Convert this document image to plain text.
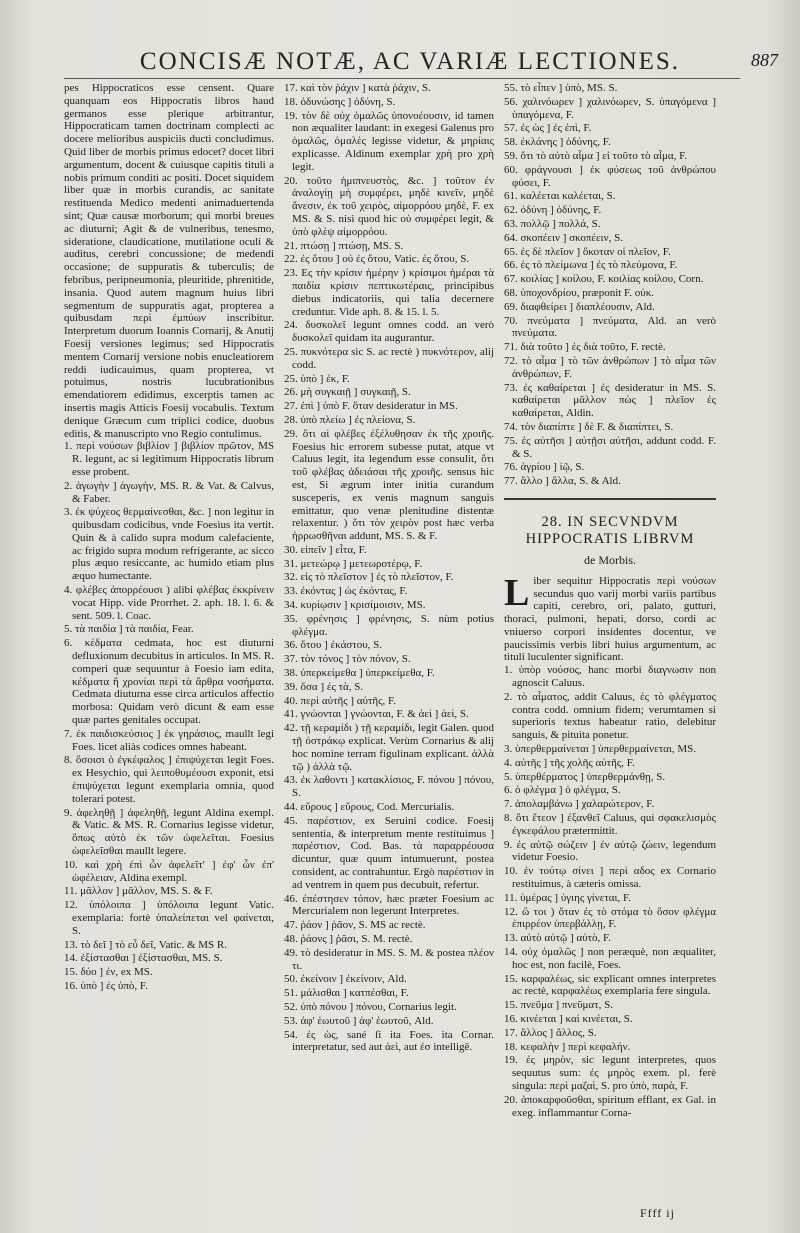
CONCISÆ NOTÆ, AC VARIÆ LECTIONES.	887

pes Hippocraticos esse censent. Quare quanquam eos Hippocratis libros haud germanos esse plerique arbitrantur, Hippocraticam tamen doctrinam complecti ac docere melioribus auspiciis ducti concludimus. Quid liber de morbis primus edocet? docet libri argumentum, docent & cuiusque capitis tituli a nobis primum conditi ac positi. Docet siquidem liber quæ in morbis curandis, ac sanitate restituenda Medico medenti animaduertenda sint; Quæ causæ morborum; qui morbi breues ac diuturni; Agit & de vulneribus, tenesmo, sideratione, claudicatione, mutilatione oculi & auditus, cerebri concussione; de medendi occasione; de suppuratis & tuberculis; de febribus, peripneumonia, pleuritide, phrenitide, insania. Quod autem magnum huius libri segmentum de suppuratis agat, propterea a quibusdam περὶ ἐμπύων inscribitur. Interpretum duorum Ioannis Cornarij, & Anutij Foesij versiones legimus; sed Hippocratis mentem Cornarij versione nobis enucleatiorem reddi iudicauimus, quam propterea, vt potuimus, nostris lucubrationibus emendatiorem edidimus, excerptis tamen ac insertis magis Atticis Foesij vocabulis. Textum denique Græcum cum triplici codice, duobus editis, & manuscripto vno Regio contulimus.

1. περὶ νούσων βιβλίον ] βιβλίον πρῶτον, MS R. legunt, ac si legitimum Hippocratis librum esse probent.

2. ἀγωγὴν ] ἀγωγὴν, MS. R. & Vat. & Calvus, & Faber.

3. ἐκ ψύχεος θερμαίνεσθαι, &c. ] non legitur in quibusdam codicibus, vnde Foesius ita vertit. Quin & à calido supra modum calefaciente, ac frigido supra modum refrigerante, ac sicco plus æquo resiccante, ac humido etiam plus æquo humectante.

4. φλέβες ἀπορρέουσι ) alibi φλέβας ἐκκρίνειν vocat Hipp. vide Prorrhet. 2. aph. 18. l. 6. & sent. 509. l. Coac.

5. τὰ παιδία ] τὰ παιδία, Fear.

6. κέδματα cedmata, hoc est diuturni defluxionum decubitus in articulos. In MS. R. comperi quæ sequuntur à Foesio iam edita, κέδματα ἢ χρονίαι περὶ τὰ ἄρθρα νοσήματα. Cedmata diuturna esse circa articulos affectio morbosa: Quidam verò dicunt & eam esse quæ partes genitales occupat.

7. ἐκ παιδισκεύσιος ] ἐκ γηράσιος, maullt legi Foes. licet aliàs codices omnes habeant.

8. ὅσοισι ὁ ἐγκέφαλος ] ἐπιψύχεται legit Foes. ex Hesychio, qui λειποθυμέουσι exponit, etsi ἐπιψύχεται legunt exemplaria omnia, quod tolerari potest.

9. ἀφεληθῇ ] ἀφεληθῇ, legunt Aldina exempl. & Vatic. & MS. R. Cornarius legisse videtur, ὅπως αὐτὸ ἐκ τῶν ὠφελεῖται. Foesius ὠφελεῖσθαι maullt legere.

10. καὶ χρὴ ἐπὶ ὧν ἀφελεῖτ' ] ἐφ' ὧν ἐπ' ὠφέλειαν, Aldina exempl.

11. μᾶλλον ] μᾶλλον, MS. S. & F.

12. ὑπόλοιπα ] ὑπόλοιπα legunt Vatic. exemplaria: fortè ὑπαλείπεται vel φαίνεται, S.

13. τὸ δεῖ ] τὸ εὖ δεῖ, Vatic. & MS R.

14. ἐξίστασθαι ] ἐξίστασθαι, MS. S.

15. δύο ] ἐν, ex MS.

16. ὑπὸ ] ἐς ὑπὸ, F.

17. καὶ τὸν ῥάχιν ] κατὰ ῥάχιν, S.

18. ὀδυνώσης ] ὀδύνη, S.

19. τὸν δὲ οὐχ ὁμαλῶς ὑπονοέουσιν, id tamen non æqualiter laudant: in exegesi Galenus pro ὁμαλῶς, ὁμαλὲς legisse videtur, & μηρίαις explicasse. Aldinum exemplar χρὴ pro χρὴ legit.

20. τοῦτο ἡμιπνευστὸς, &c. ] τοῦτον ἐν ἀναλογίῃ μὴ συμφέρει, μηδὲ κινεῖν, μηδὲ ἄνεσιν, ἐκ τοῦ χειρὸς, αἱμορρόου μηδὲ, F. ex MS. & S. nisi quod hic οὐ συμφέρει legit, & ὑπὸ φλὲψ αἱμορρόου.

21. πτώσῃ ] πτώσῃ, MS. S.

22. ἐς ὅτου ] οὐ ἐς ὅτου, Vatic. ἐς ὅτου, S.

23. Ες τὴν κρίσιν ἡμέρην ) κρίσιμοι ἡμέραι τὰ παιδία κρίσιν πεπτικωτέραις, principibus diebus indicatoriis, qui talia decernere creduntur. Vide aph. 8. & 15. l. 5.

24. δυσκολεῖ legunt omnes codd. an verò δυσκολεῖ quidam ita augurantur.

25. πυκνότερα sic S. ac rectè ) πυκνότερον, alij codd.

25. ὑπὸ ] ἐκ, F.

26. μὴ συγκαιῇ ] συγκαιῇ, S.

27. ἐπὶ ] ὑπὸ F. ὅταν desideratur in MS.

28. ὑπὸ πλείω ] ἐς πλείονα, S.

29. ὅτι αἱ φλέβες ἐξέλυθησαν ἐκ τῆς χροιῆς. Foesius hic errorem subesse putat, atque vt Caluus legit, ita legendum esse consulit, ὅτι τοῦ φλέβας ἀδειάσαι τῆς χροιῆς. sensus hic est, Si ægrum inter initia curandum susceperis, ex venis magnum sanguis emittatur, quo venæ plenitudine distentæ relaxentur. ) ὅτι τὸν χειρὸν post hæc verba ἠρρωσθῆναι addunt, MS. S. & F.

30. εἰπεῖν ] εἶτα, F.

31. μετεώρῳ ] μετεωροτέρῳ, F.

32. εἰς τὸ πλεῖστον ] ἐς τὸ πλεῖστον, F.

33. ἐκόντας ] ὡς ἐκόντας, F.

34. κυρίῳσιν ] κρισίμοισιν, MS.

35. φρένησις ] φρένησις, S. nùm potius φλέγμα.

36. ὅτου ] ἐκάστου, S.

37. τὸν τόνος ] τὸν πόνον, S.

38. ὑπερκείμεθα ] ὑπερκείμεθα, F.

39. ὅσα ] ἐς τὰ, S.

40. περὶ αὐτῆς ] αὐτῆς, F.

41. γνώονται ] γνώονται, F. & ἀεὶ ] ἀεὶ, S.

42. τῇ κεραμίδι ) τῇ κεραμίδι, legit Galen. quod τῇ ὀστράκῳ explicat. Verùm Cornarius & alij hoc nomine terram figulinam explicant. ἀλλὰ τῷ ) ἀλλὰ τῷ.

43. ἐκ λαθοντι ] κατακλίσιος, F. πόνου ] πόνου, S.

44. εὔρους ] εὔρους, Cod. Mercurialis.

45. παρέστιον, ex Seruini codice. Foesij sententia, & interpretum mente restituimus ] παρέστιον, Cod. Bas. τὰ παραρρέουσα dicuntur, quæ quum intumuerunt, postea consident, ac contrahuntur. Ergò παρέστιον in ad ventrem in quem pus decubuit, refertur.

46. ἐπέστησεν τόπον, hæc præter Foesium ac Mercurialem non legerunt Interpretes.

47. ῥάον ] ῥᾶον, S. MS ac rectè.

48. ῥάονς ] ῥᾶσι, S. M. rectè.

49. τὸ desideratur in MS. S. M. & postea πλέον τι.

50. ἐκείνοιν ] ἐκείνοιν, Ald.

51. μάλισθαι ] κατπέσθαι, F.

52. ὑπὸ πόνου ] πόνου, Cornarius legit.

53. ἀφ' ἑωυτοῦ ] ἀφ' ἑωυτοῦ, Ald.

54. ἐς ὡς, sané ſi ita Foes. ita Cornar. interpretatur, sed aut ἀεὶ, aut ἐσ intelligē.

55. τὸ εἶπεν ] ὑπὸ, MS. S.

56. χαλινόωρεν ] χαλινόωρεν, S. ὑπαγόμενα ] ὑπαγόμενα, F.

57. ἐς ὡς ] ἐς ἐπὶ, F.

58. ἐκλάνης ] ὀδύνης, F.

59. ὅτι τὸ αὐτὸ αἷμα ] εἰ τοῦτο τὸ αἷμα, F.

60. φράγνουσι ] ἐκ φύσεως τοῦ ἀνθρώπου φύσει, F.

61. καλέεται καλέεται, S.

62. ὀδύνη ] ὀδύνης, F.

63. πολλῷ ] πολλά, S.

64. σκοπέειν ] σκοπέειν, S.

65. ἐς δὲ πλεῖον ] ὅκοταν οἱ πλεῖον, F.

66. ἐς τὸ πλείμωνα ] ἐς τὸ πλεύμονα, F.

67. κοιλίας ] κοίλου, F. κοιλίας κοίλου, Corn.

68. ὑποχονδρίου, præponit F. οὐκ.

69. διαφθείρει ] διαπλέουσιν, Ald.

70. πνεύματα ] πνεύματα, Ald. an verò πνεύματα.

71. διὰ τοῦτο ] ἐς διὰ τοῦτο, F. rectè.

72. τὸ αἷμα ] τὸ τῶν ἀνθρώπων ] τὸ αἷμα τῶν ἀνθρώπων, F.

73. ἐς καθαίρεται ] ἐς desideratur in MS. S. καθαίρεται μᾶλλον πὼς ] πλεῖον ἐς καθαίρεται, Aldin.

74. τὸν διαπίπτε ] δὲ F. & διαπίπτει, S.

75. ἐς αὐτῆσι ] αὐτῇσι αὐτῆσι, addunt codd. F. & S.

76. ἀγρίου ] ἰῷ, S.

77. ἄλλο ] ἄλλα, S. & Ald.

28. IN SECVNDVM HIPPOCRATIS LIBRVM
de Morbis.

Liber sequitur Hippocratis περὶ νούσων secundus quo varij morbi variis partibus capiti, cerebro, ori, palato, gutturi, thoraci, pulmoni, hepati, dorso, cordi ac vniuerso corpori insidentes docentur, ve paucissimis verbis libri huius argumentum, ac tituli luculenter significant.

1. ὑπὸρ νούσος, hanc morbi διαγνωσιν non agnoscit Caluus.

2. τὸ αἷματος, addit Caluus, ἐς τὸ φλέγματος contra codd. omnium fidem; verumtamen si superioris textus habeatur ratio, delebitur sanguis, & pituita ponetur.

3. ὑπερθερμαίνεται ] ὑπερθερμαίνεται, MS.

4. αὐτῆς ] τῆς χολῆς αὐτῆς, F.

5. ὑπερθέρματος ] ὑπερθερμάνθῃ, S.

6. ὁ φλέγμα ] ὁ φλέγμα, S.

7. ἀπολαμβάνω ] χαλαρώτερον, F.

8. ὅτι ἔτεον ] ἐξανθεῖ Caluus, qui σφακελισμὸς ἐγκεφάλου prætermittit.

9. ἐς αὐτῷ σώζειν ] ἐν αὐτῷ ζώειν, legendum videtur Foesio.

10. ἐν τούτῳ σίνει ] περὶ αδος ex Cornario restituimus, à cæteris omissa.

11. ὑμέρας ] ὑγιης γίνεται, F.

12. ὥ τοι ) ὅταν ἐς τὸ στόμα τὸ ὅσον φλέγμα ἐπιρρέον ὑπερβάλλῃ, F.

13. αὐτὸ αὐτῷ ] αὐτὸ, F.

14. οὐχ ὁμαλῶς ] non peræquè, non æqualiter, hoc est, non facilè, Foes.

15. καρφαλέως, sic explicant omnes interpretes ac rectè, καρφαλέως exemplaria fere singula.

15. πνεῦμα ] πνεῦματ, S.

16. κινέεται ] καὶ κινέεται, S.

17. ἄλλος ] ἄλλος, S.

18. κεφαλὴν ] περὶ κεφαλήν.

19. ἐς μηρὸν, sic legunt interpretes, quos sequutus sum: ἐς μηρὸς exem. pl. ferè singula: περὶ μαζαὶ, S. pro ὑπὸ, παρὰ, F.

20. ἀποκαρφοῦσθαι, spiritum efflant, ex Gal. in exeg. inflammantur Corna-

Ffff ij
